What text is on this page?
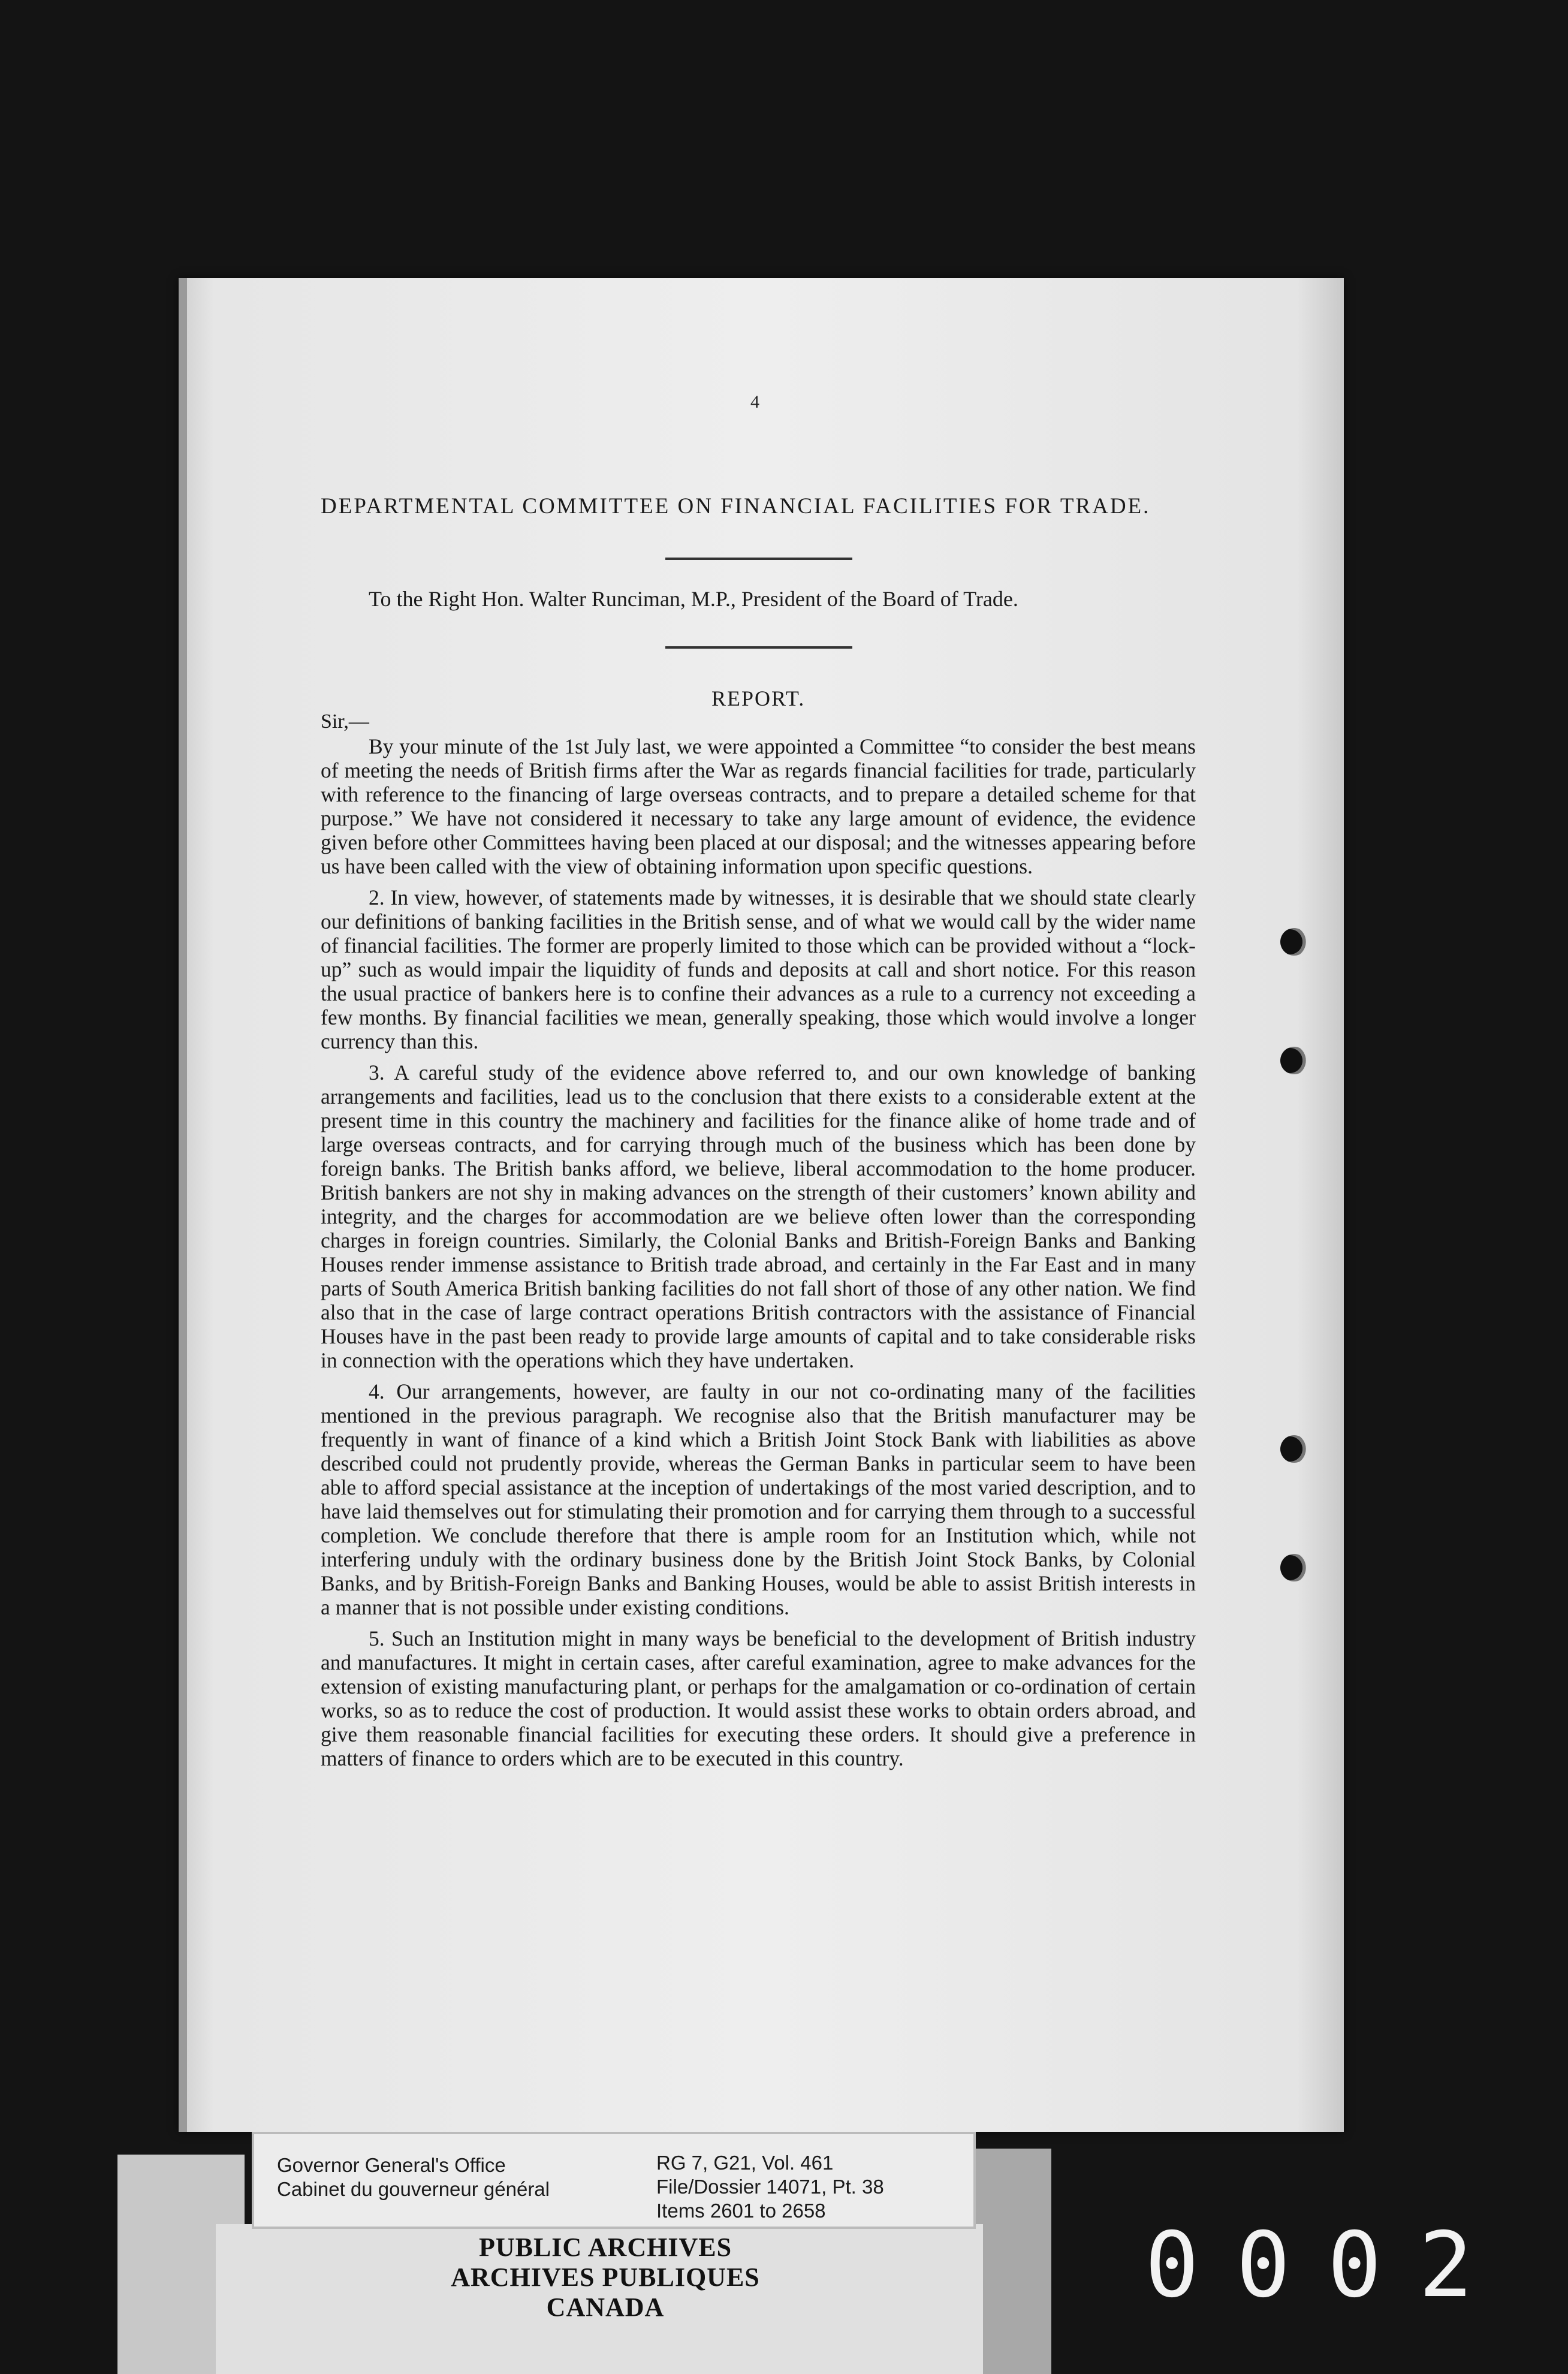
4
DEPARTMENTAL COMMITTEE ON FINANCIAL FACILITIES FOR TRADE.
To the Right Hon. Walter Runciman, M.P., President of the Board of Trade.
REPORT.
Sir,—

By your minute of the 1st July last, we were appointed a Committee “to consider the best means of meeting the needs of British firms after the War as regards financial facilities for trade, particularly with reference to the financing of large overseas contracts, and to prepare a detailed scheme for that purpose.” We have not considered it necessary to take any large amount of evidence, the evidence given before other Committees having been placed at our disposal; and the witnesses appearing before us have been called with the view of obtaining information upon specific questions.

2. In view, however, of statements made by witnesses, it is desirable that we should state clearly our definitions of banking facilities in the British sense, and of what we would call by the wider name of financial facilities. The former are properly limited to those which can be provided without a “lock-up” such as would impair the liquidity of funds and deposits at call and short notice. For this reason the usual practice of bankers here is to confine their advances as a rule to a currency not exceeding a few months. By financial facilities we mean, generally speaking, those which would involve a longer currency than this.

3. A careful study of the evidence above referred to, and our own knowledge of banking arrangements and facilities, lead us to the conclusion that there exists to a considerable extent at the present time in this country the machinery and facilities for the finance alike of home trade and of large overseas contracts, and for carrying through much of the business which has been done by foreign banks. The British banks afford, we believe, liberal accommodation to the home producer. British bankers are not shy in making advances on the strength of their customers’ known ability and integrity, and the charges for accommodation are we believe often lower than the corresponding charges in foreign countries. Similarly, the Colonial Banks and British-Foreign Banks and Banking Houses render immense assistance to British trade abroad, and certainly in the Far East and in many parts of South America British banking facilities do not fall short of those of any other nation. We find also that in the case of large contract operations British contractors with the assistance of Financial Houses have in the past been ready to provide large amounts of capital and to take considerable risks in connection with the operations which they have undertaken.

4. Our arrangements, however, are faulty in our not co-ordinating many of the facilities mentioned in the previous paragraph. We recognise also that the British manufacturer may be frequently in want of finance of a kind which a British Joint Stock Bank with liabilities as above described could not prudently provide, whereas the German Banks in particular seem to have been able to afford special assistance at the inception of undertakings of the most varied description, and to have laid themselves out for stimulating their promotion and for carrying them through to a successful completion. We conclude therefore that there is ample room for an Institution which, while not interfering unduly with the ordinary business done by the British Joint Stock Banks, by Colonial Banks, and by British-Foreign Banks and Banking Houses, would be able to assist British interests in a manner that is not possible under existing conditions.

5. Such an Institution might in many ways be beneficial to the development of British industry and manufactures. It might in certain cases, after careful examination, agree to make advances for the extension of existing manufacturing plant, or perhaps for the amalgamation or co-ordination of certain works, so as to reduce the cost of production. It would assist these works to obtain orders abroad, and give them reasonable financial facilities for executing these orders. It should give a preference in matters of finance to orders which are to be executed in this country.

Governor General's Office
Cabinet du gouverneur général
RG 7, G21, Vol. 461
File/Dossier 14071, Pt. 38
Items 2601 to 2658
PUBLIC ARCHIVES
ARCHIVES PUBLIQUES
CANADA	0002
